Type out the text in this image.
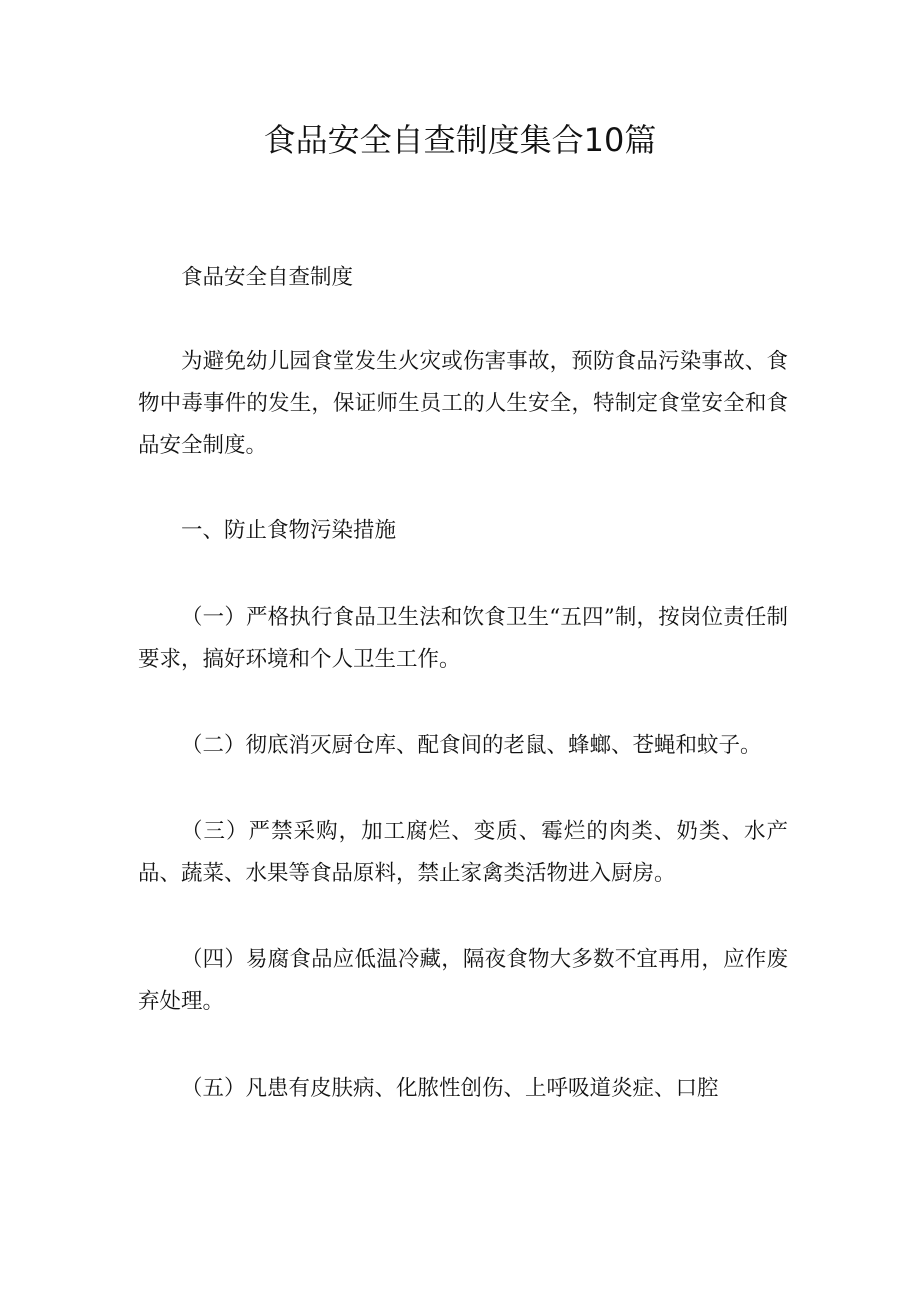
食品安全自查制度集合10篇

食品安全自查制度

为避免幼儿园食堂发生火灾或伤害事故，预防食品污染事故、食物中毒事件的发生，保证师生员工的人生安全，特制定食堂安全和食品安全制度。

一、防止食物污染措施

（一）严格执行食品卫生法和饮食卫生“五四”制，按岗位责任制要求，搞好环境和个人卫生工作。

（二）彻底消灭厨仓库、配食间的老鼠、蜂螂、苍蝇和蚊子。

（三）严禁采购，加工腐烂、变质、霉烂的肉类、奶类、水产品、蔬菜、水果等食品原料，禁止家禽类活物进入厨房。

（四）易腐食品应低温冷藏，隔夜食物大多数不宜再用，应作废弃处理。

（五）凡患有皮肤病、化脓性创伤、上呼吸道炎症、口腔
